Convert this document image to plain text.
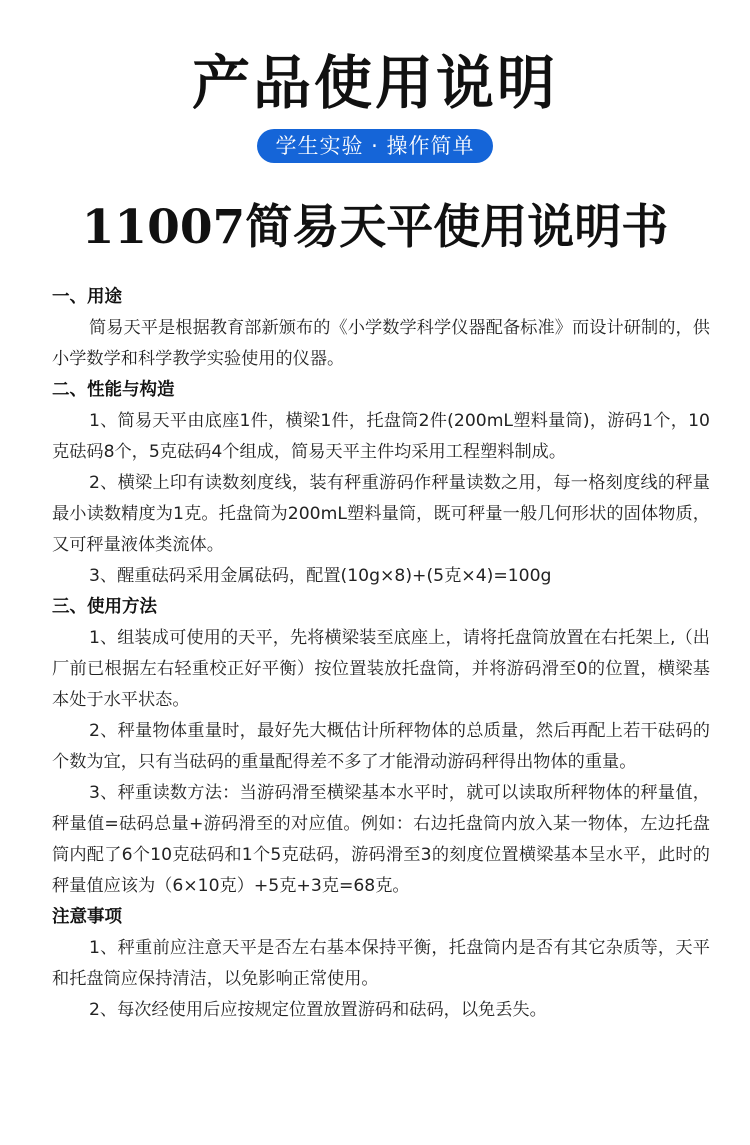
产品使用说明
学生实验 · 操作简单
11007简易天平使用说明书
一、用途

简易天平是根据教育部新颁布的《小学数学科学仪器配备标准》而设计研制的，供小学数学和科学教学实验使用的仪器。

二、性能与构造

1、简易天平由底座1件，横梁1件，托盘筒2件(200mL塑料量筒)，游码1个，10克砝码8个，5克砝码4个组成，简易天平主件均采用工程塑料制成。

2、横梁上印有读数刻度线，装有秤重游码作秤量读数之用，每一格刻度线的秤量最小读数精度为1克。托盘筒为200mL塑料量筒，既可秤量一般几何形状的固体物质，又可秤量液体类流体。

3、醒重砝码采用金属砝码，配置(10g×8)+(5克×4)=100g

三、使用方法

1、组装成可使用的天平，先将横梁装至底座上，请将托盘筒放置在右托架上,（出厂前已根据左右轻重校正好平衡）按位置装放托盘筒，并将游码滑至0的位置，横梁基本处于水平状态。

2、秤量物体重量时，最好先大概估计所秤物体的总质量，然后再配上若干砝码的个数为宜，只有当砝码的重量配得差不多了才能滑动游码秤得出物体的重量。

3、秤重读数方法：当游码滑至横梁基本水平时，就可以读取所秤物体的秤量值，秤量值=砝码总量+游码滑至的对应值。例如：右边托盘筒内放入某一物体，左边托盘筒内配了6个10克砝码和1个5克砝码，游码滑至3的刻度位置横梁基本呈水平，此时的秤量值应该为（6×10克）+5克+3克=68克。

注意事项

1、秤重前应注意天平是否左右基本保持平衡，托盘筒内是否有其它杂质等，天平和托盘筒应保持清洁，以免影响正常使用。

2、每次经使用后应按规定位置放置游码和砝码，以免丢失。
